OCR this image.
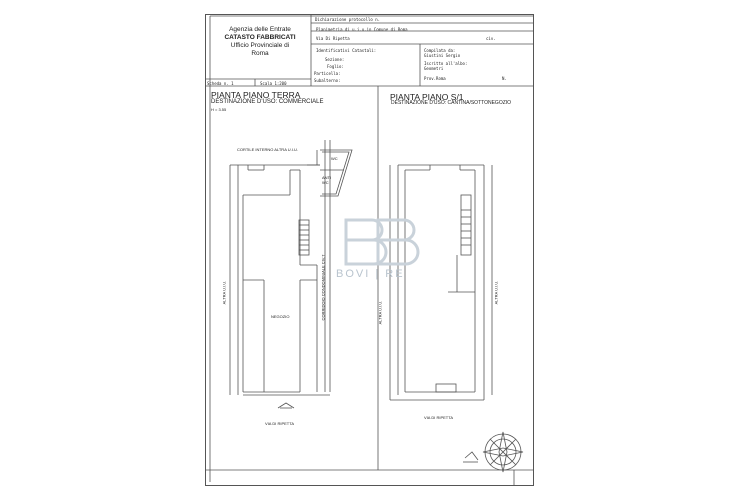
Agenzia delle Entrate
CATASTO FABBRICATI
Ufficio Provinciale di
Roma
Dichiarazione protocollo n.
Planimetria di u.i.u.in Comune di Roma
Via Di Ripetta	civ.
Identificativi Catastali:
Sezione:
Foglio:
Particella:
Subalterno:
Compilata da:
Giustini Sergio
Iscritto all'albo:
Geometri
Prov.Roma	N.
Scheda n. 1	Scala 1:200
PIANTA PIANO TERRA
DESTINAZIONE D'USO: COMMERCIALE
H = 3.55
PIANTA PIANO S/1
DESTINAZIONE D'USO: CANTINA/SOTTONEGOZIO
BOVI | RE
CORTILE INTERNO ALTRA U.I.U.
WC
ANTI WC
NEGOZIO
ALTRA U.I.U.	CORRIDOIO CONDOMINIALE CIV.7
VIA DI RIPETTA
ALTRA U.I.U.
ALTRA U.I.U.
VIA DI RIPETTA
